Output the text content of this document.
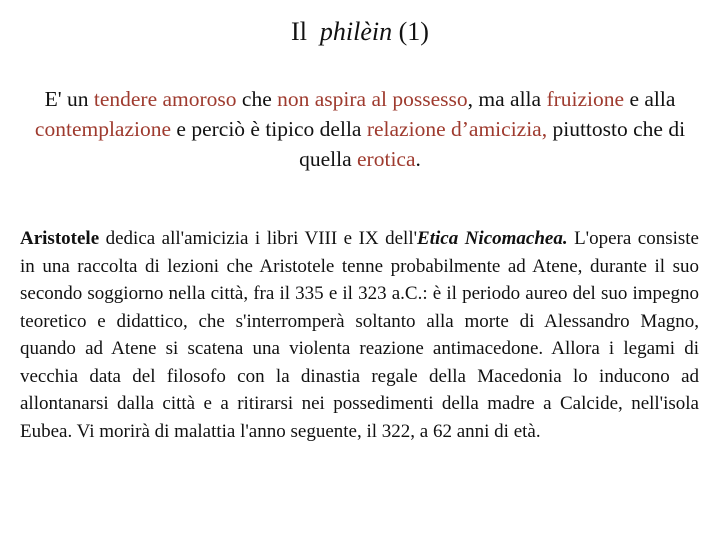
Il philèin (1)
E' un tendere amoroso che non aspira al possesso, ma alla fruizione e alla contemplazione e perciò è tipico della relazione d’amicizia, piuttosto che di quella erotica.
Aristotele dedica all'amicizia i libri VIII e IX dell'Etica Nicomachea. L'opera consiste in una raccolta di lezioni che Aristotele tenne probabilmente ad Atene, durante il suo secondo soggiorno nella città, fra il 335 e il 323 a.C.: è il periodo aureo del suo impegno teoretico e didattico, che s'interromperà soltanto alla morte di Alessandro Magno, quando ad Atene si scatena una violenta reazione antimacedone. Allora i legami di vecchia data del filosofo con la dinastia regale della Macedonia lo inducono ad allontanarsi dalla città e a ritirarsi nei possedimenti della madre a Calcide, nell'isola Eubea. Vi morirà di malattia l'anno seguente, il 322, a 62 anni di età.
